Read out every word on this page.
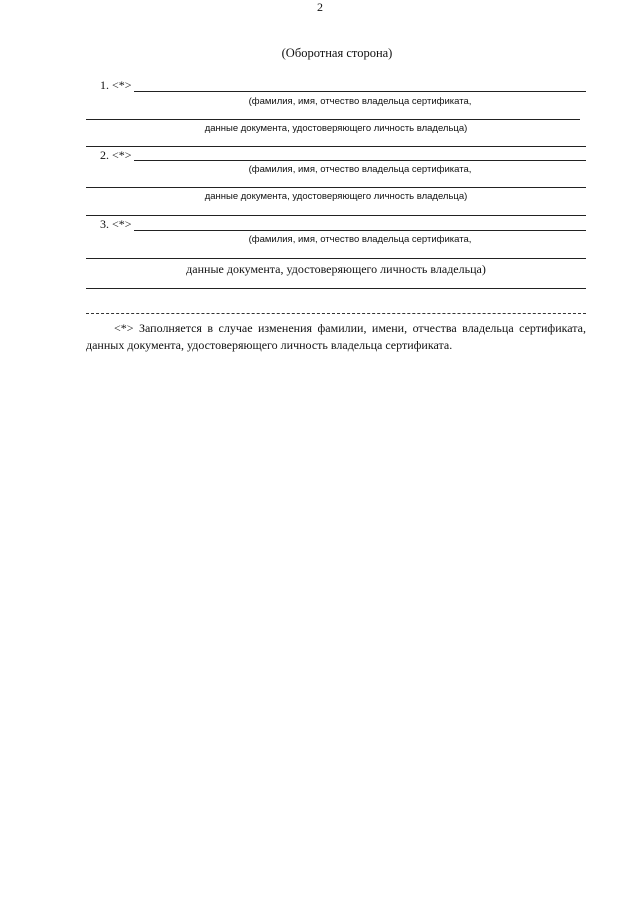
2
(Оборотная сторона)
1. <*>
(фамилия, имя, отчество владельца сертификата,
данные документа, удостоверяющего личность владельца)
2. <*>
(фамилия, имя, отчество владельца сертификата,
данные документа, удостоверяющего личность владельца)
3. <*>
(фамилия, имя, отчество владельца сертификата,
данные документа, удостоверяющего личность владельца)
<*> Заполняется в случае изменения фамилии, имени, отчества владельца сертификата, данных документа, удостоверяющего личность владельца сертификата.
